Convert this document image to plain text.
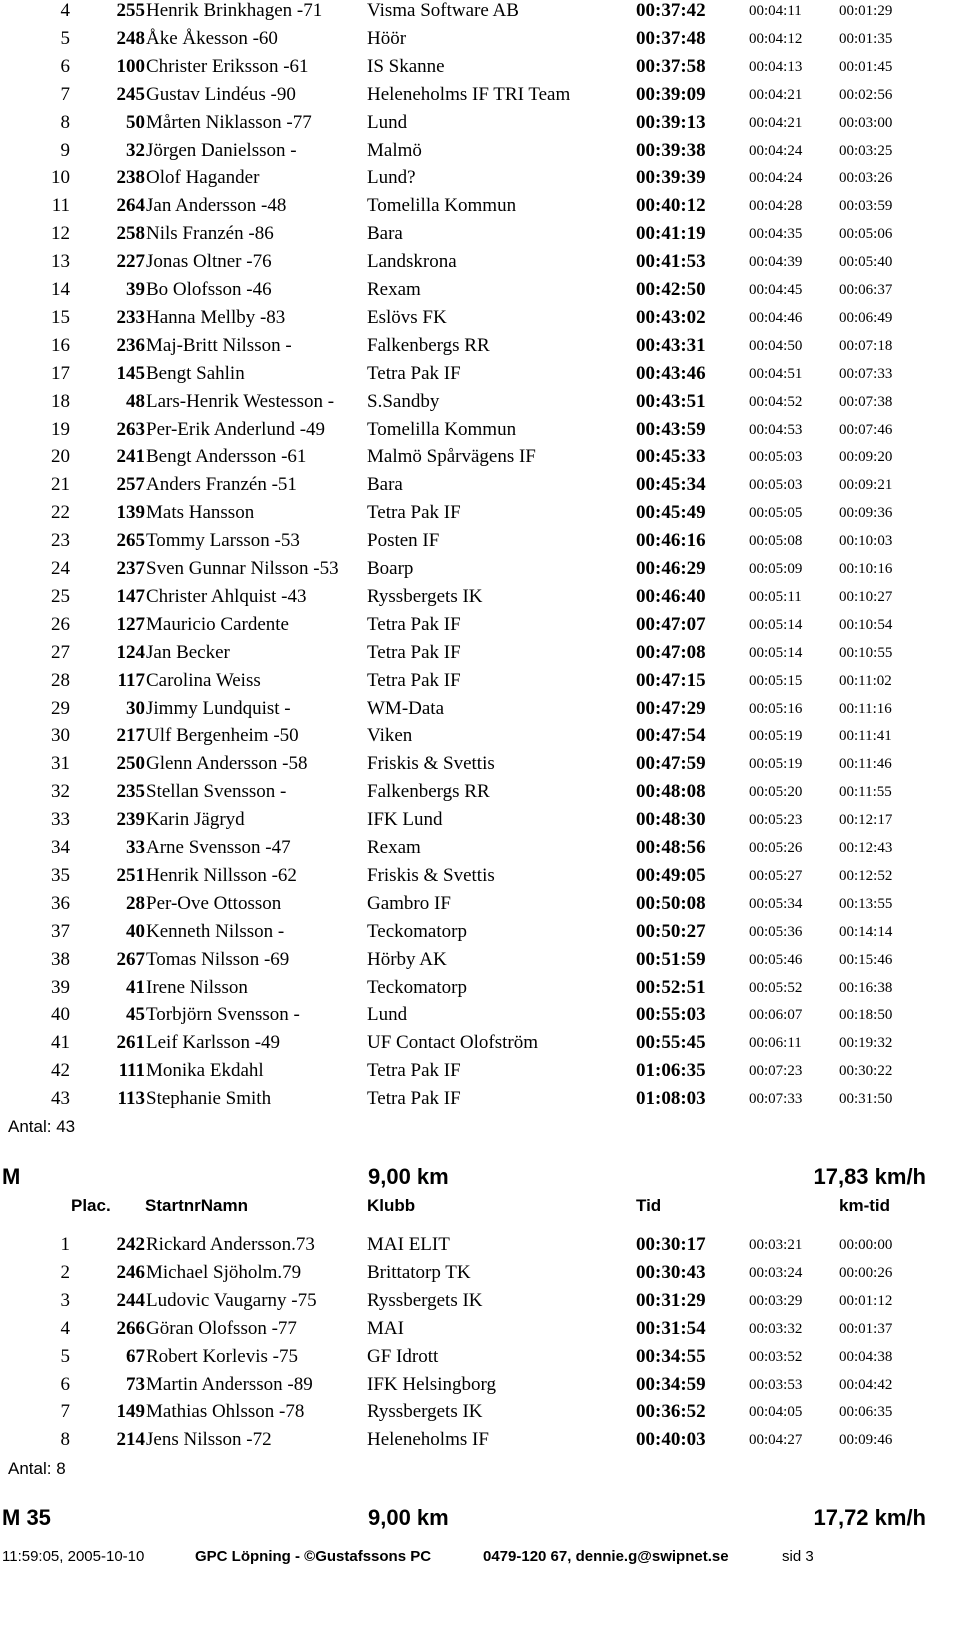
4	255 Henrik Brinkhagen -71	Visma Software AB	00:37:42	00:04:11 00:01:29
5	248 Åke Åkesson -60	Höör	00:37:48	00:04:12 00:01:35
6	100 Christer Eriksson -61	IS Skanne	00:37:58	00:04:13 00:01:45
7	245 Gustav Lindéus -90	Heleneholms IF TRI Team	00:39:09	00:04:21 00:02:56
8	50 Mårten Niklasson -77	Lund	00:39:13	00:04:21 00:03:00
9	32 Jörgen Danielsson -	Malmö	00:39:38	00:04:24 00:03:25
10	238 Olof Hagander	Lund?	00:39:39	00:04:24 00:03:26
11	264 Jan Andersson -48	Tomelilla Kommun	00:40:12	00:04:28 00:03:59
12	258 Nils Franzén -86	Bara	00:41:19	00:04:35 00:05:06
13	227 Jonas Oltner -76	Landskrona	00:41:53	00:04:39 00:05:40
14	39 Bo Olofsson -46	Rexam	00:42:50	00:04:45 00:06:37
15	233 Hanna Mellby -83	Eslövs FK	00:43:02	00:04:46 00:06:49
16	236 Maj-Britt Nilsson -	Falkenbergs RR	00:43:31	00:04:50 00:07:18
17	145 Bengt Sahlin	Tetra Pak IF	00:43:46	00:04:51 00:07:33
18	48 Lars-Henrik Westesson -	S.Sandby	00:43:51	00:04:52 00:07:38
19	263 Per-Erik Anderlund -49	Tomelilla Kommun	00:43:59	00:04:53 00:07:46
20	241 Bengt Andersson -61	Malmö Spårvägens IF	00:45:33	00:05:03 00:09:20
21	257 Anders Franzén -51	Bara	00:45:34	00:05:03 00:09:21
22	139 Mats Hansson	Tetra Pak IF	00:45:49	00:05:05 00:09:36
23	265 Tommy Larsson -53	Posten IF	00:46:16	00:05:08 00:10:03
24	237 Sven Gunnar Nilsson -53	Boarp	00:46:29	00:05:09 00:10:16
25	147 Christer Ahlquist -43	Ryssbergets IK	00:46:40	00:05:11 00:10:27
26	127 Mauricio Cardente	Tetra Pak IF	00:47:07	00:05:14 00:10:54
27	124 Jan Becker	Tetra Pak IF	00:47:08	00:05:14 00:10:55
28	117 Carolina Weiss	Tetra Pak IF	00:47:15	00:05:15 00:11:02
29	30 Jimmy Lundquist -	WM-Data	00:47:29	00:05:16 00:11:16
30	217 Ulf Bergenheim -50	Viken	00:47:54	00:05:19 00:11:41
31	250 Glenn Andersson -58	Friskis & Svettis	00:47:59	00:05:19 00:11:46
32	235 Stellan Svensson -	Falkenbergs RR	00:48:08	00:05:20 00:11:55
33	239 Karin Jägryd	IFK Lund	00:48:30	00:05:23 00:12:17
34	33 Arne Svensson -47	Rexam	00:48:56	00:05:26 00:12:43
35	251 Henrik Nillsson -62	Friskis & Svettis	00:49:05	00:05:27 00:12:52
36	28 Per-Ove Ottosson	Gambro IF	00:50:08	00:05:34 00:13:55
37	40 Kenneth Nilsson -	Teckomatorp	00:50:27	00:05:36 00:14:14
38	267 Tomas Nilsson -69	Hörby AK	00:51:59	00:05:46 00:15:46
39	41 Irene Nilsson	Teckomatorp	00:52:51	00:05:52 00:16:38
40	45 Torbjörn Svensson -	Lund	00:55:03	00:06:07 00:18:50
41	261 Leif Karlsson -49	UF Contact Olofström	00:55:45	00:06:11 00:19:32
42	111 Monika Ekdahl	Tetra Pak IF	01:06:35	00:07:23 00:30:22
43	113 Stephanie Smith	Tetra Pak IF	01:08:03	00:07:33 00:31:50
Antal: 43
M	9,00 km	17,83 km/h
Plac. StartnrNamn	Klubb	Tid	km-tid
1	242 Rickard Andersson.73	MAI ELIT	00:30:17	00:03:21 00:00:00
2	246 Michael Sjöholm.79	Brittatorp TK	00:30:43	00:03:24 00:00:26
3	244 Ludovic Vaugarny -75	Ryssbergets IK	00:31:29	00:03:29 00:01:12
4	266 Göran Olofsson -77	MAI	00:31:54	00:03:32 00:01:37
5	67 Robert Korlevis -75	GF Idrott	00:34:55	00:03:52 00:04:38
6	73 Martin Andersson -89	IFK Helsingborg	00:34:59	00:03:53 00:04:42
7	149 Mathias Ohlsson -78	Ryssbergets IK	00:36:52	00:04:05 00:06:35
8	214 Jens Nilsson -72	Heleneholms IF	00:40:03	00:04:27 00:09:46
Antal: 8
M 35	9,00 km	17,72 km/h
11:59:05, 2005-10-10	GPC Löpning - ©Gustafssons PC	0479-120 67, dennie.g@swipnet.se	sid 3
